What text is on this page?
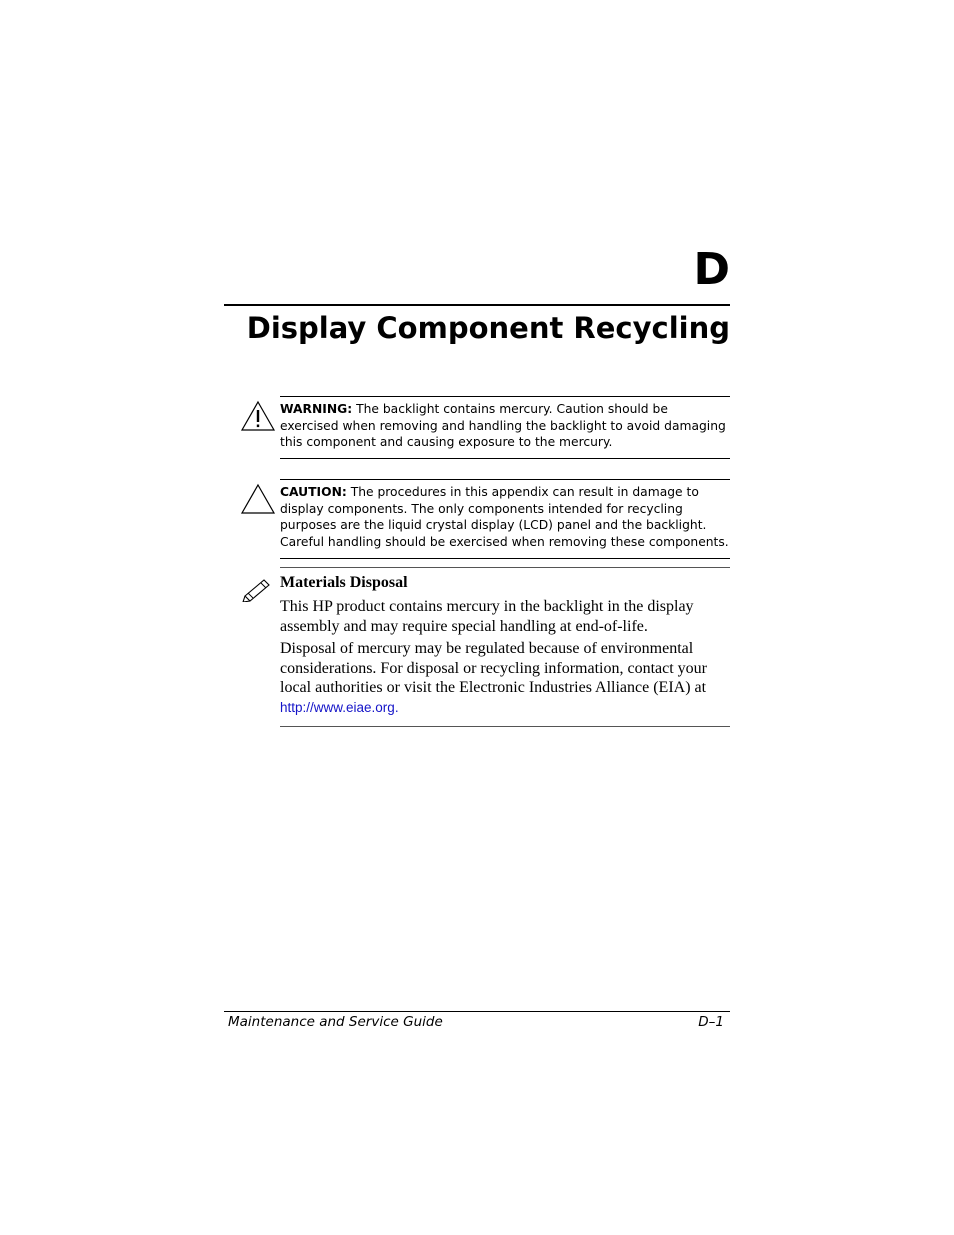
D
Display Component Recycling
WARNING: The backlight contains mercury. Caution should be exercised when removing and handling the backlight to avoid damaging this component and causing exposure to the mercury.
CAUTION: The procedures in this appendix can result in damage to display components. The only components intended for recycling purposes are the liquid crystal display (LCD) panel and the backlight. Careful handling should be exercised when removing these components.
Materials Disposal
This HP product contains mercury in the backlight in the display assembly and may require special handling at end-of-life.
Disposal of mercury may be regulated because of environmental considerations. For disposal or recycling information, contact your local authorities or visit the Electronic Industries Alliance (EIA) at http://www.eiae.org.
Maintenance and Service Guide	D–1
